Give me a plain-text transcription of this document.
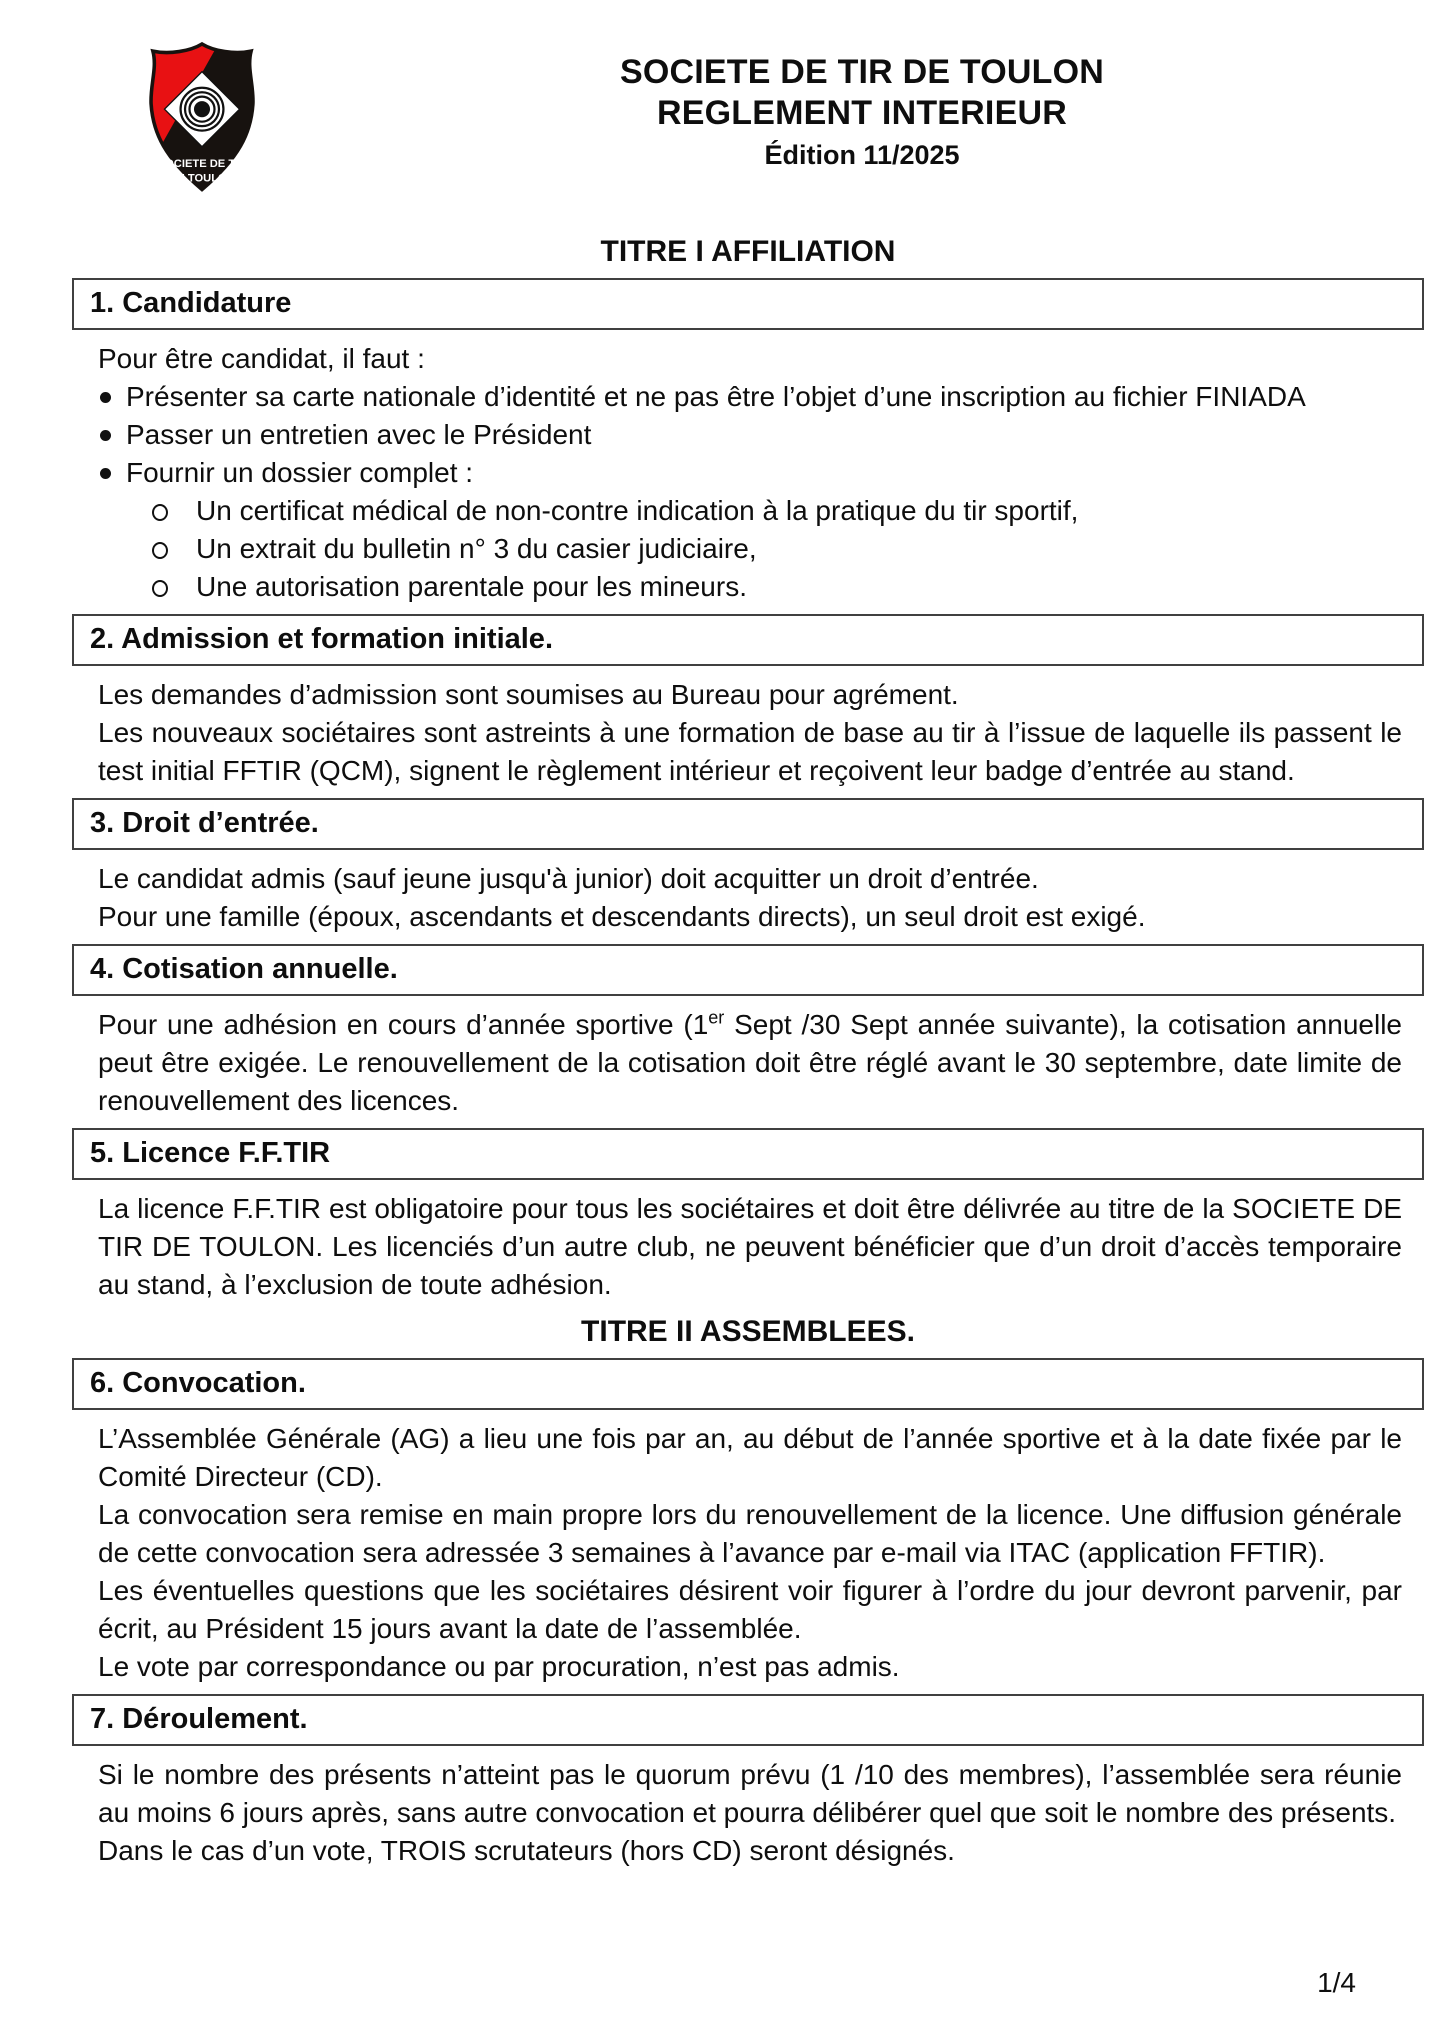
SOCIETE DE TIR
DE TOULON
SOCIETE DE TIR DE TOULON
REGLEMENT INTERIEUR
Édition 11/2025
TITRE I AFFILIATION
1. Candidature

Pour être candidat, il faut :

Présenter sa carte nationale d’identité et ne pas être l’objet d’une inscription au fichier FINIADA
Passer un entretien avec le Président
Fournir un dossier complet :
Un certificat médical de non-contre indication à la pratique du tir sportif,
Un extrait du bulletin n° 3 du casier judiciaire,
Une autorisation parentale pour les mineurs.
2. Admission et formation initiale.

Les demandes d’admission sont soumises au Bureau pour agrément.

Les nouveaux sociétaires sont astreints à une formation de base au tir à l’issue de laquelle ils passent le test initial FFTIR (QCM), signent le règlement intérieur et reçoivent leur badge d’entrée au stand.

3. Droit d’entrée.

Le candidat admis (sauf jeune jusqu'à junior) doit acquitter un droit d’entrée.

Pour une famille (époux, ascendants et descendants directs), un seul droit est exigé.

4. Cotisation annuelle.

Pour une adhésion en cours d’année sportive (1er Sept /30 Sept année suivante), la cotisation annuelle peut être exigée. Le renouvellement de la cotisation doit être réglé avant le 30 septembre, date limite de renouvellement des licences.

5. Licence F.F.TIR

La licence F.F.TIR est obligatoire pour tous les sociétaires et doit être délivrée au titre de la SOCIETE DE TIR DE TOULON. Les licenciés d’un autre club, ne peuvent bénéficier que d’un droit d’accès temporaire au stand, à l’exclusion de toute adhésion.

TITRE II ASSEMBLEES.
6. Convocation.

L’Assemblée Générale (AG) a lieu une fois par an, au début de l’année sportive et à la date fixée par le Comité Directeur (CD).

La convocation sera remise en main propre lors du renouvellement de la licence. Une diffusion générale de cette convocation sera adressée 3 semaines à l’avance par e-mail via ITAC (application FFTIR).

Les éventuelles questions que les sociétaires désirent voir figurer à l’ordre du jour devront parvenir, par écrit, au Président 15 jours avant la date de l’assemblée.

Le vote par correspondance ou par procuration, n’est pas admis.

7. Déroulement.

Si le nombre des présents n’atteint pas le quorum prévu (1 /10 des membres), l’assemblée sera réunie au moins 6 jours après, sans autre convocation et pourra délibérer quel que soit le nombre des présents.

Dans le cas d’un vote, TROIS scrutateurs (hors CD) seront désignés.

1/4
